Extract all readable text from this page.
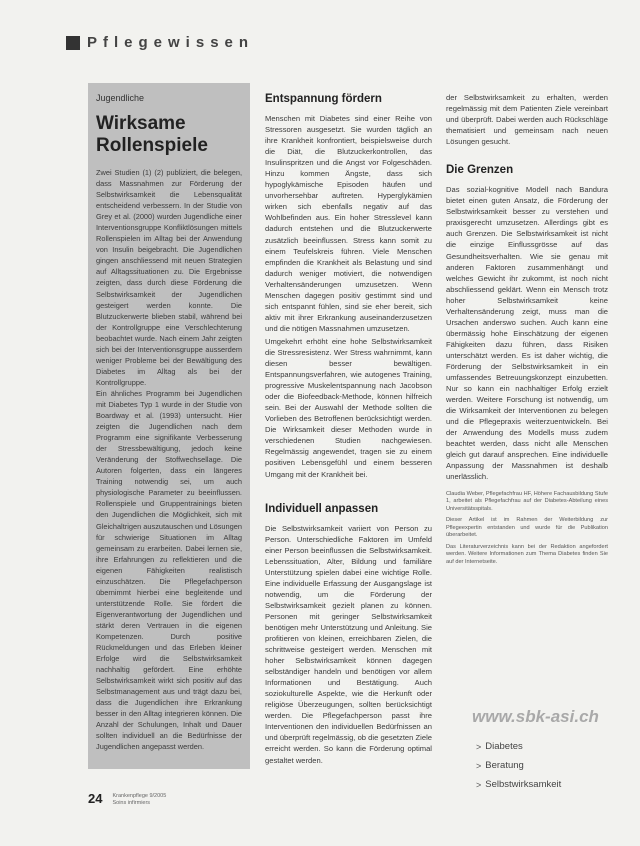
Pflegewissen
Jugendliche
Wirksame
Rollenspiele

Zwei Studien (1) (2) publiziert, die belegen, dass Massnahmen zur Förderung der Selbstwirksamkeit die Lebensqualität entscheidend verbessern. In der Studie von Grey et al. (2000) wurden Jugendliche einer Interventionsgruppe Konfliktlösungen mittels Rollenspielen im Alltag bei der Anwendung von Insulin beigebracht. Die Jugendlichen gingen anschliessend mit neuen Strategien auf Alltagssituationen zu. Die Ergebnisse zeigten, dass durch diese Förderung die Selbstwirksamkeit der Jugendlichen gesteigert werden konnte. Die Blutzuckerwerte blieben stabil, während bei der Kontrollgruppe eine Verschlechterung beobachtet wurde. Nach einem Jahr zeigten sich bei der Interventionsgruppe ausserdem weniger Probleme bei der Bewältigung des Diabetes im Alltag als bei der Kontrollgruppe.

Ein ähnliches Programm bei Jugendlichen mit Diabetes Typ 1 wurde in der Studie von Boardway et al. (1993) untersucht. Hier zeigten die Jugendlichen nach dem Programm eine signifikante Verbesserung der Stressbewältigung, jedoch keine Veränderung der Stoffwechsellage. Die Autoren folgerten, dass ein längeres Training notwendig sei, um auch physiologische Parameter zu beeinflussen. Rollenspiele und Gruppentrainings bieten den Jugendlichen die Möglichkeit, sich mit Gleichaltrigen auszutauschen und Lösungen für schwierige Situationen im Alltag gemeinsam zu erarbeiten. Dabei lernen sie, ihre Erfahrungen zu reflektieren und die eigenen Fähigkeiten realistisch einzuschätzen. Die Pflegefachperson übernimmt hierbei eine begleitende und unterstützende Rolle. Sie fördert die Eigenverantwortung der Jugendlichen und stärkt deren Vertrauen in die eigenen Kompetenzen. Durch positive Rückmeldungen und das Erleben kleiner Erfolge wird die Selbstwirksamkeit nachhaltig gefördert. Eine erhöhte Selbstwirksamkeit wirkt sich positiv auf das Selbstmanagement aus und trägt dazu bei, dass die Jugendlichen ihre Erkrankung besser in den Alltag integrieren können. Die Anzahl der Schulungen, Inhalt und Dauer sollten individuell an die Bedürfnisse der Jugendlichen angepasst werden.

Entspannung fördern

Menschen mit Diabetes sind einer Reihe von Stressoren ausgesetzt. Sie wurden täglich an ihre Krankheit konfrontiert, beispielsweise durch die Diät, die Blutzuckerkontrollen, das Insulinspritzen und die Angst vor Folgeschäden. Hinzu kommen Ängste, dass sich hypoglykämische Episoden häufen und unvorhersehbar auftreten. Hyperglykämien wirken sich ebenfalls negativ auf das Wohlbefinden aus. Ein hoher Stresslevel kann dadurch entstehen und die Blutzuckerwerte zusätzlich beeinflussen. Stress kann somit zu einem Teufelskreis führen. Viele Menschen empfinden die Krankheit als Belastung und sind dadurch weniger motiviert, die notwendigen Verhaltensänderungen umzusetzen. Wenn Menschen dagegen positiv gestimmt sind und sich entspannt fühlen, sind sie eher bereit, sich aktiv mit ihrer Erkrankung auseinanderzusetzen und die nötigen Massnahmen umzusetzen.

Umgekehrt erhöht eine hohe Selbstwirksamkeit die Stressresistenz. Wer Stress wahrnimmt, kann diesen besser bewältigen. Entspannungsverfahren, wie autogenes Training, progressive Muskelentspannung nach Jacobson oder die Biofeedback-Methode, können hilfreich sein. Bei der Auswahl der Methode sollten die Vorlieben des Betroffenen berücksichtigt werden. Die Wirksamkeit dieser Methoden wurde in verschiedenen Studien nachgewiesen. Regelmässig angewendet, tragen sie zu einem positiven Lebensgefühl und einem besseren Umgang mit der Krankheit bei.

Individuell anpassen

Die Selbstwirksamkeit variiert von Person zu Person. Unterschiedliche Faktoren im Umfeld einer Person beeinflussen die Selbstwirksamkeit. Lebenssituation, Alter, Bildung und familiäre Unterstützung spielen dabei eine wichtige Rolle. Eine individuelle Erfassung der Ausgangslage ist notwendig, um die Förderung der Selbstwirksamkeit gezielt planen zu können. Personen mit geringer Selbstwirksamkeit benötigen mehr Unterstützung und Anleitung. Sie profitieren von kleinen, erreichbaren Zielen, die schrittweise gesteigert werden. Menschen mit hoher Selbstwirksamkeit können dagegen selbständiger handeln und benötigen vor allem Informationen und Bestätigung. Auch soziokulturelle Aspekte, wie die Herkunft oder religiöse Überzeugungen, sollten berücksichtigt werden. Die Pflegefachperson passt ihre Interventionen den individuellen Bedürfnissen an und überprüft regelmässig, ob die gesetzten Ziele erreicht werden. So kann die Förderung optimal gestaltet werden.

der Selbstwirksamkeit zu erhalten, werden regelmässig mit dem Patienten Ziele vereinbart und überprüft. Dabei werden auch Rückschläge thematisiert und gemeinsam nach neuen Lösungen gesucht.

Die Grenzen

Das sozial-kognitive Modell nach Bandura bietet einen guten Ansatz, die Förderung der Selbstwirksamkeit besser zu verstehen und praxisgerecht umzusetzen. Allerdings gibt es auch Grenzen. Die Selbstwirksamkeit ist nicht die einzige Einflussgrösse auf das Gesundheitsverhalten. Wie sie genau mit anderen Faktoren zusammenhängt und welches Gewicht ihr zukommt, ist noch nicht abschliessend geklärt. Wenn ein Mensch trotz hoher Selbstwirksamkeit keine Verhaltensänderung zeigt, muss man die Ursachen anderswo suchen. Auch kann eine übermässig hohe Einschätzung der eigenen Fähigkeiten dazu führen, dass Risiken unterschätzt werden. Es ist daher wichtig, die Förderung der Selbstwirksamkeit in ein umfassendes Betreuungskonzept einzubetten. Nur so kann ein nachhaltiger Erfolg erzielt werden. Weitere Forschung ist notwendig, um die Wirksamkeit der Interventionen zu belegen und die Pflegepraxis weiterzuentwickeln. Bei der Anwendung des Modells muss zudem beachtet werden, dass nicht alle Menschen gleich gut darauf ansprechen. Eine individuelle Anpassung der Massnahmen ist deshalb unerlässlich.

Claudia Weber, Pflegefachfrau HF, Höhere Fachausbildung Stufe 1, arbeitet als Pflegefachfrau auf der Diabetes-Abteilung eines Universitätsspitals.

Dieser Artikel ist im Rahmen der Weiterbildung zur Pflegeexpertin entstanden und wurde für die Publikation überarbeitet.

Das Literaturverzeichnis kann bei der Redaktion angefordert werden. Weitere Informationen zum Thema Diabetes finden Sie auf der Internetseite.

www.sbk-asi.ch
> Diabetes
> Beratung
> Selbstwirksamkeit
24 Krankenpflege 9/2005
Soins infirmiers
